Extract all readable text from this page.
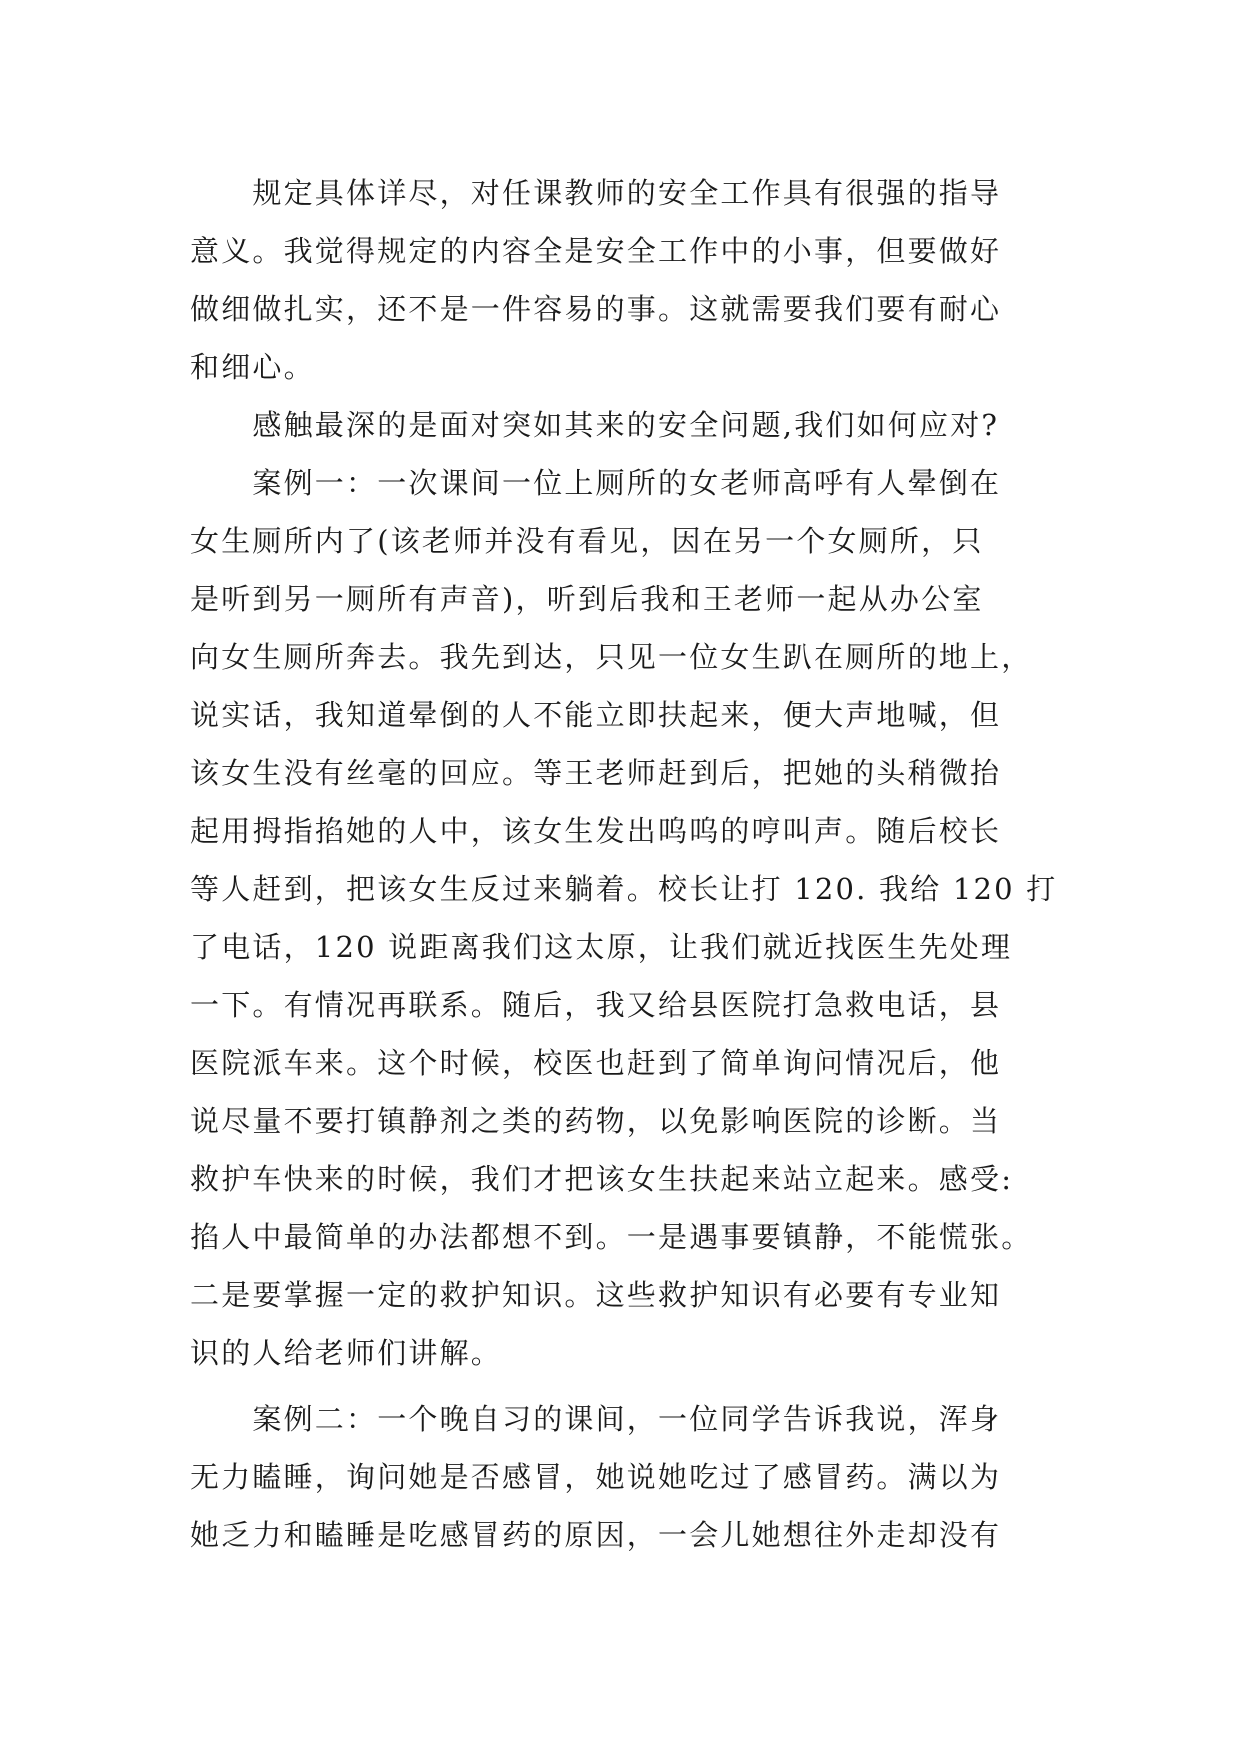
　　规定具体详尽，对任课教师的安全工作具有很强的指导
意义。我觉得规定的内容全是安全工作中的小事，但要做好
做细做扎实，还不是一件容易的事。这就需要我们要有耐心
和细心。
　　感触最深的是面对突如其来的安全问题,我们如何应对?
　　案例一：一次课间一位上厕所的女老师高呼有人晕倒在
女生厕所内了(该老师并没有看见，因在另一个女厕所，只
是听到另一厕所有声音)，听到后我和王老师一起从办公室
向女生厕所奔去。我先到达，只见一位女生趴在厕所的地上，
说实话，我知道晕倒的人不能立即扶起来，便大声地喊，但
该女生没有丝毫的回应。等王老师赶到后，把她的头稍微抬
起用拇指掐她的人中，该女生发出呜呜的哼叫声。随后校长
等人赶到，把该女生反过来躺着。校长让打 120. 我给 120 打
了电话，120 说距离我们这太原，让我们就近找医生先处理
一下。有情况再联系。随后，我又给县医院打急救电话，县
医院派车来。这个时候，校医也赶到了简单询问情况后，他
说尽量不要打镇静剂之类的药物，以免影响医院的诊断。当
救护车快来的时候，我们才把该女生扶起来站立起来。感受:
掐人中最简单的办法都想不到。一是遇事要镇静，不能慌张。
二是要掌握一定的救护知识。这些救护知识有必要有专业知
识的人给老师们讲解。
　　案例二：一个晚自习的课间，一位同学告诉我说，浑身
无力瞌睡，询问她是否感冒，她说她吃过了感冒药。满以为
她乏力和瞌睡是吃感冒药的原因，一会儿她想往外走却没有
